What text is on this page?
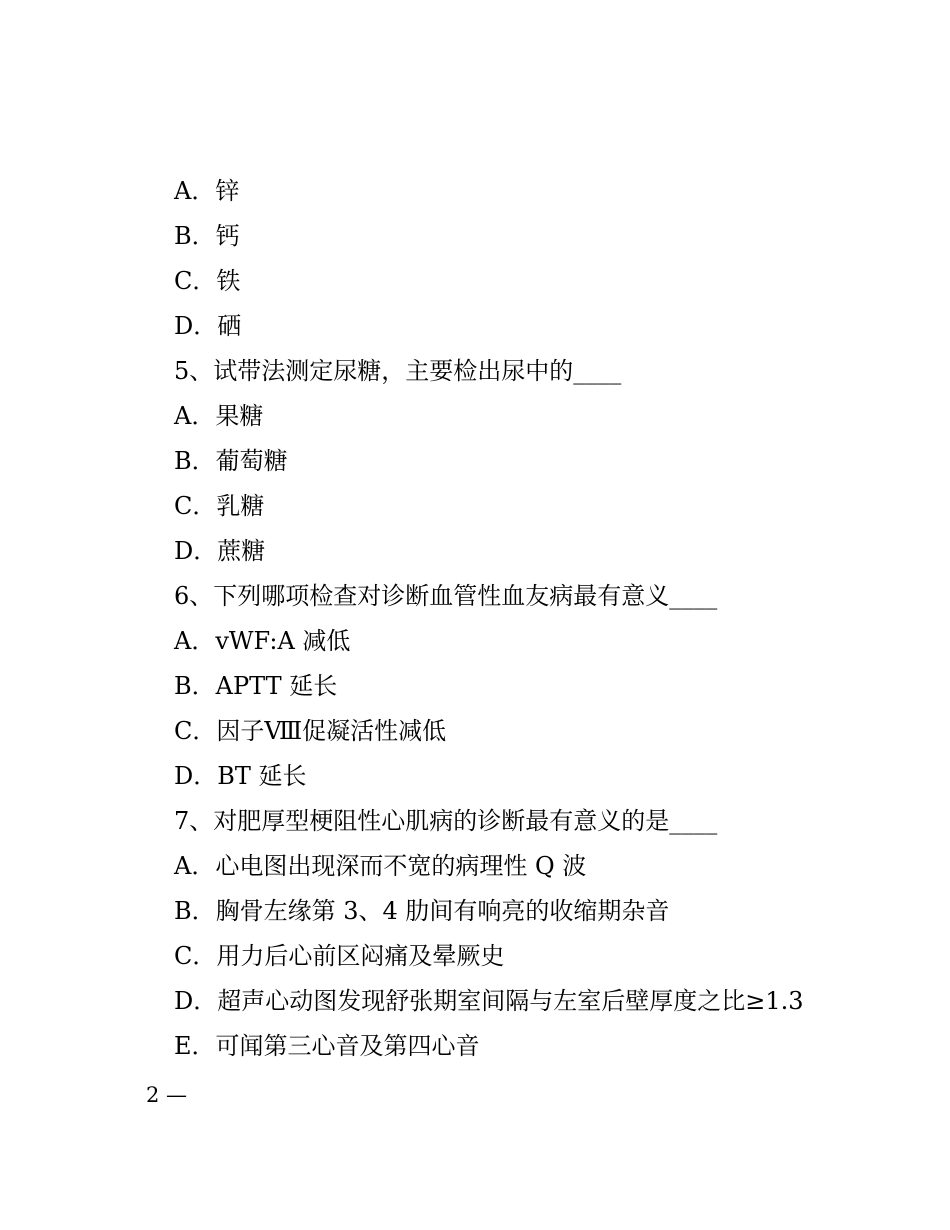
A．锌
B．钙
C．铁
D．硒
5、试带法测定尿糖，主要检出尿中的____
A．果糖
B．葡萄糖
C．乳糖
D．蔗糖
6、下列哪项检查对诊断血管性血友病最有意义____
A．vWF:A 减低
B．APTT 延长
C．因子Ⅷ促凝活性减低
D．BT 延长
7、对肥厚型梗阻性心肌病的诊断最有意义的是____
A．心电图出现深而不宽的病理性 Q 波
B．胸骨左缘第 3、4 肋间有响亮的收缩期杂音
C．用力后心前区闷痛及晕厥史
D．超声心动图发现舒张期室间隔与左室后壁厚度之比≥1.3
E．可闻第三心音及第四心音
2 —
